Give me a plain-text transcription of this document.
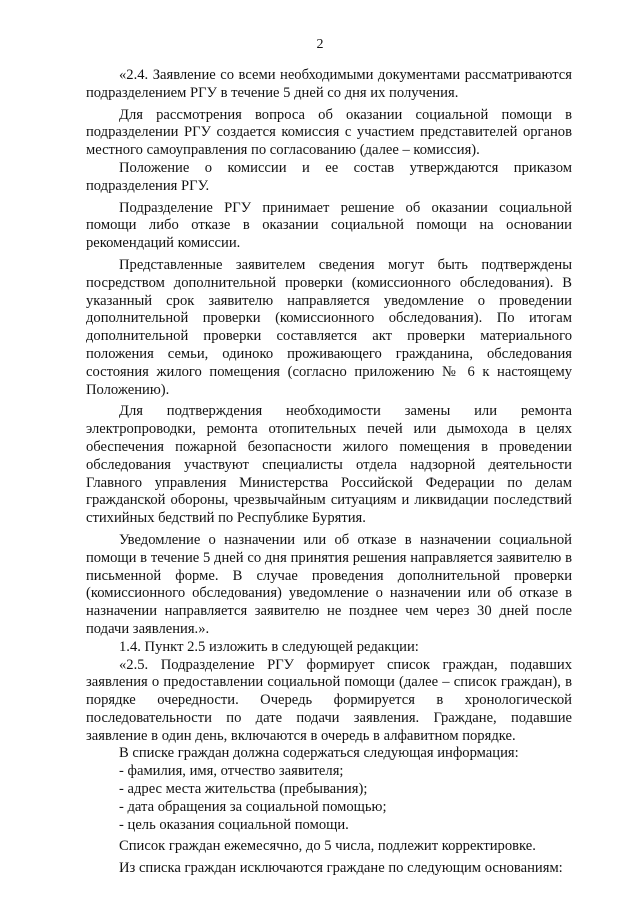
2

«2.4. Заявление со всеми необходимыми документами рассматриваются подразделением РГУ в течение 5 дней со дня их получения.

Для рассмотрения вопроса об оказании социальной помощи в подразделении РГУ создается комиссия с участием представителей органов местного самоуправления по согласованию (далее – комиссия).

Положение о комиссии и ее состав утверждаются приказом подразделения РГУ.

Подразделение РГУ принимает решение об оказании социальной помощи либо отказе в оказании социальной помощи на основании рекомендаций комиссии.

Представленные заявителем сведения могут быть подтверждены посредством дополнительной проверки (комиссионного обследования). В указанный срок заявителю направляется уведомление о проведении дополнительной проверки (комиссионного обследования). По итогам дополнительной проверки составляется акт проверки материального положения семьи, одиноко проживающего гражданина, обследования состояния жилого помещения (согласно приложению № 6 к настоящему Положению).

Для подтверждения необходимости замены или ремонта электропроводки, ремонта отопительных печей или дымохода в целях обеспечения пожарной безопасности жилого помещения в проведении обследования участвуют специалисты отдела надзорной деятельности Главного управления Министерства Российской Федерации по делам гражданской обороны, чрезвычайным ситуациям и ликвидации последствий стихийных бедствий по Республике Бурятия.

Уведомление о назначении или об отказе в назначении социальной помощи в течение 5 дней со дня принятия решения направляется заявителю в письменной форме. В случае проведения дополнительной проверки (комиссионного обследования) уведомление о назначении или об отказе в назначении направляется заявителю не позднее чем через 30 дней после подачи заявления.».

1.4. Пункт 2.5 изложить в следующей редакции:

«2.5. Подразделение РГУ формирует список граждан, подавших заявления о предоставлении социальной помощи (далее – список граждан), в порядке очередности. Очередь формируется в хронологической последовательности по дате подачи заявления. Граждане, подавшие заявление в один день, включаются в очередь в алфавитном порядке.

В списке граждан должна содержаться следующая информация:

- фамилия, имя, отчество заявителя;

- адрес места жительства (пребывания);

- дата обращения за социальной помощью;

- цель оказания социальной помощи.

Список граждан ежемесячно, до 5 числа, подлежит корректировке.

Из списка граждан исключаются граждане по следующим основаниям:
